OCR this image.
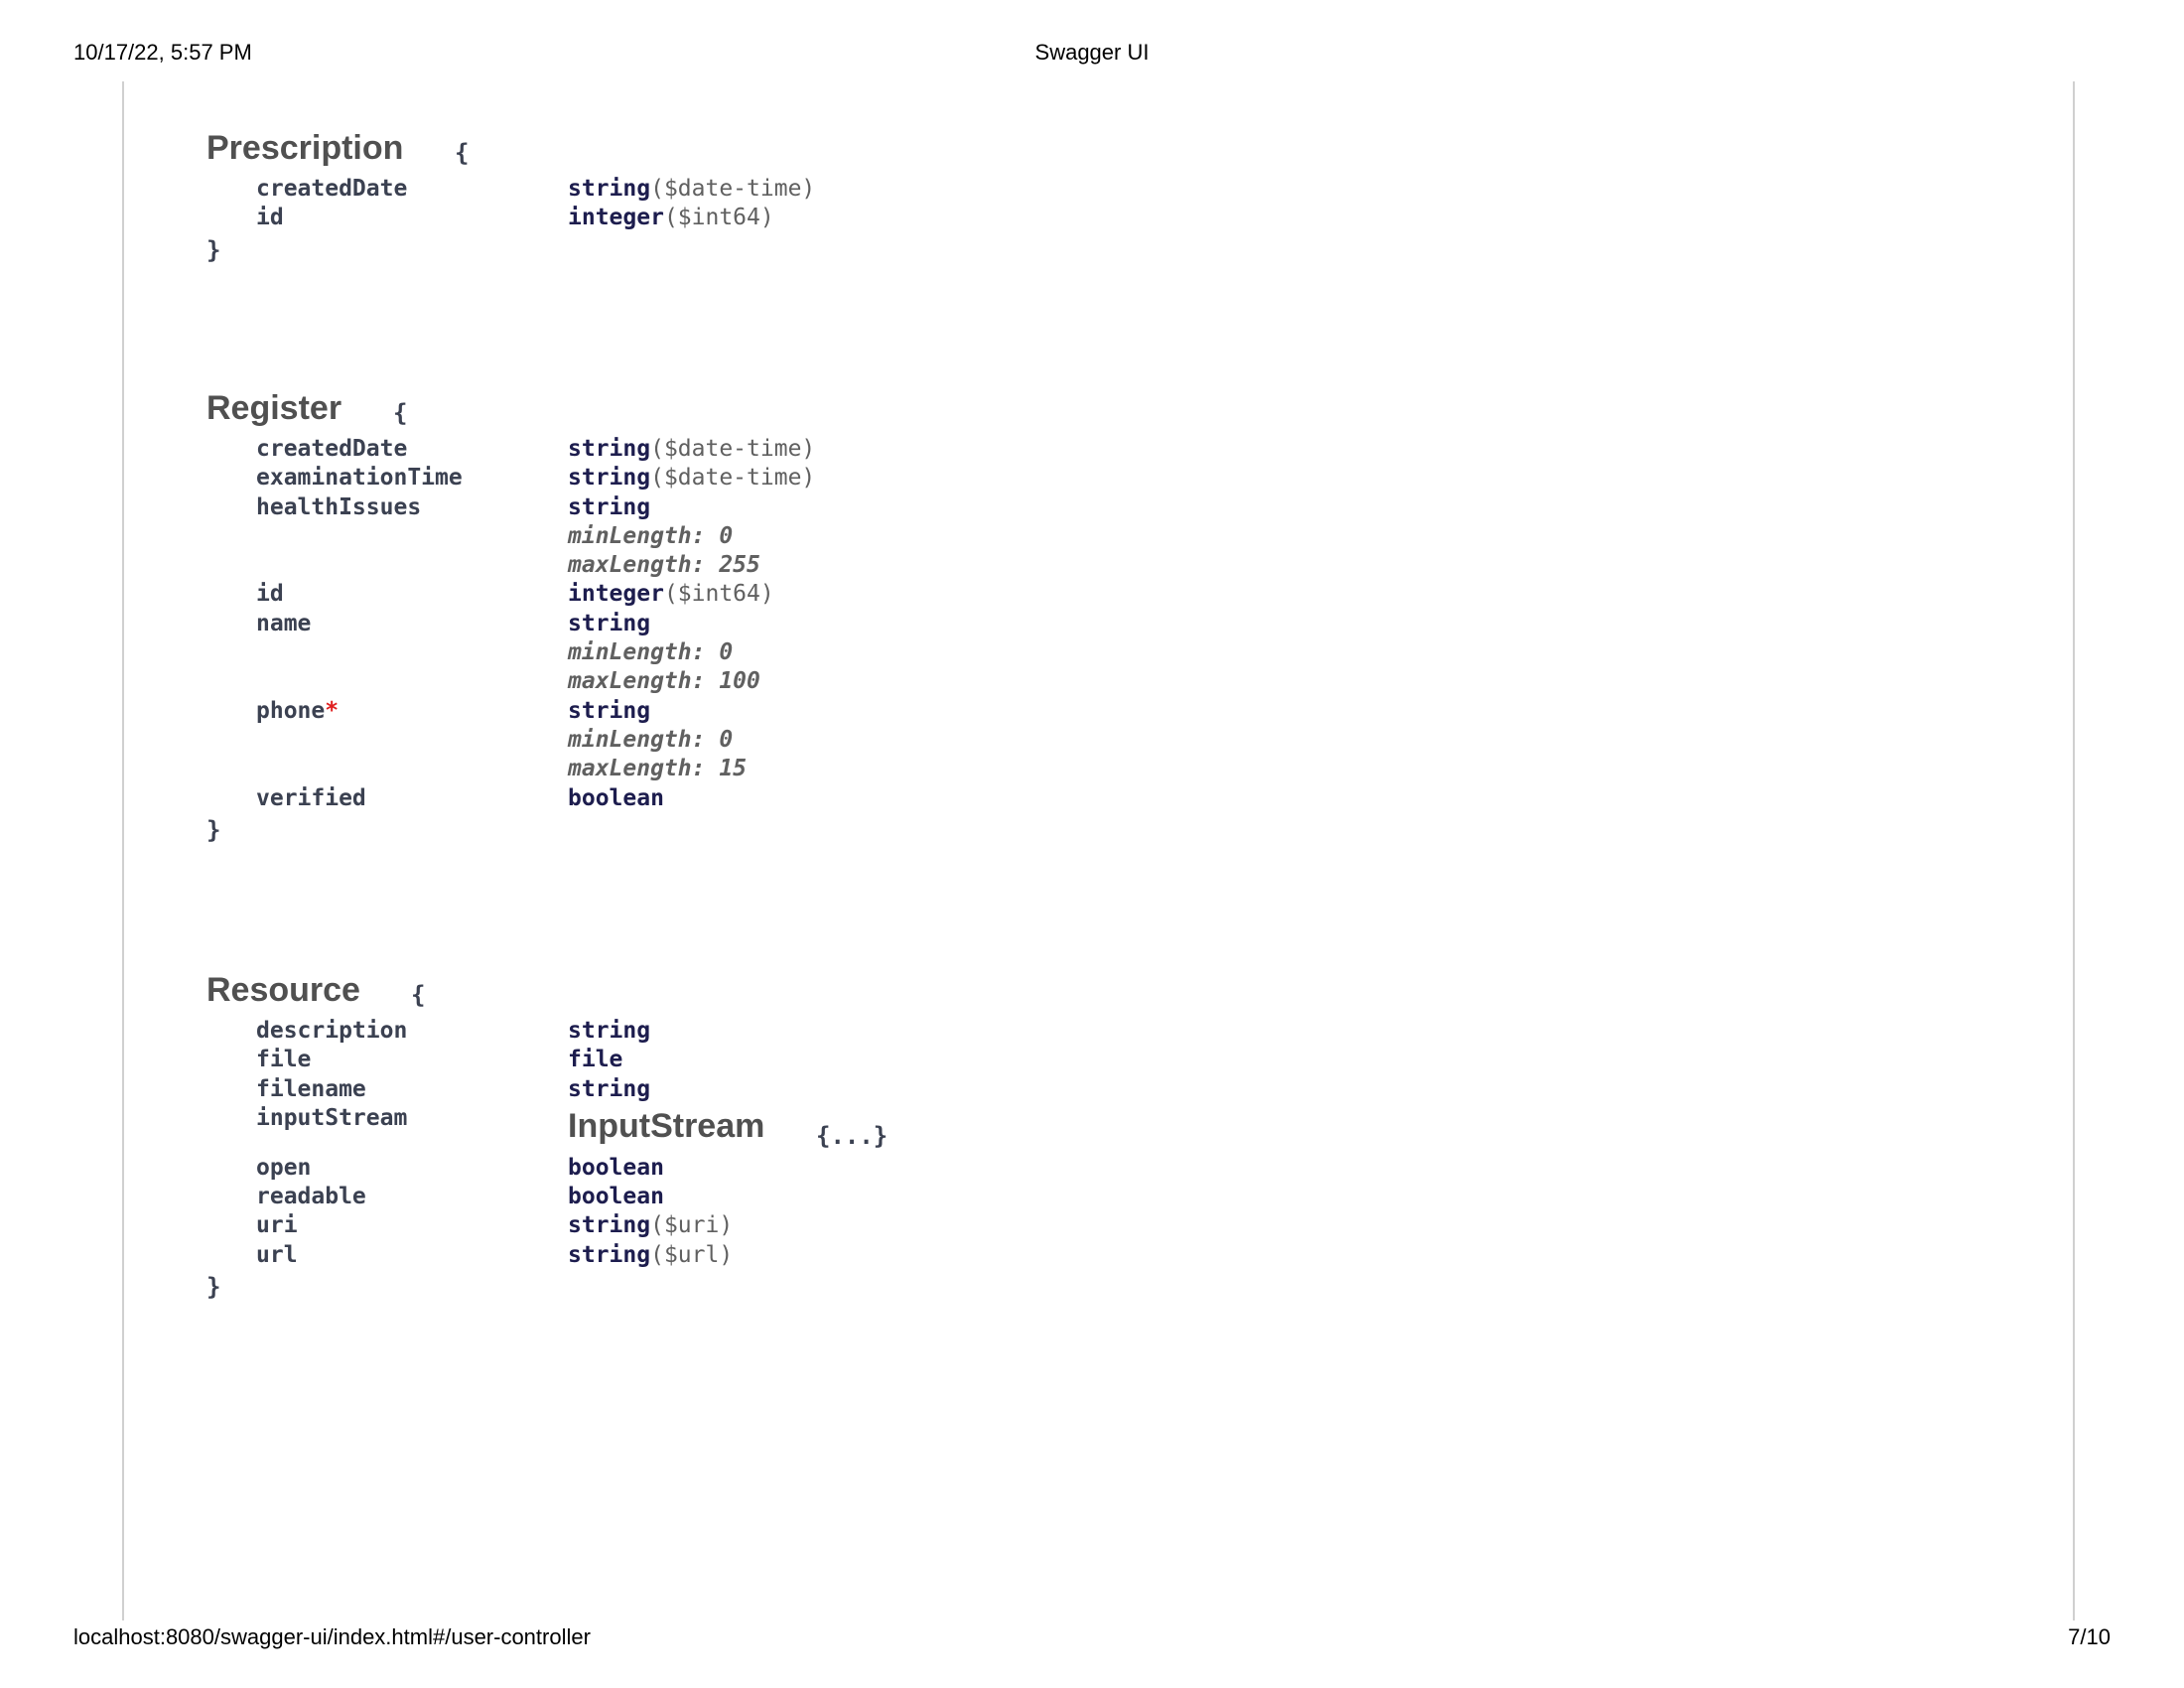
10/17/22, 5:57 PM	Swagger UI
Prescription {
createdDate	string($date-time)
id	integer($int64)
}
Register {
createdDate	string($date-time)
examinationTime	string($date-time)
healthIssues	string
minLength: 0
maxLength: 255
id	integer($int64)
name	string
minLength: 0
maxLength: 100
phone*	string
minLength: 0
maxLength: 15
verified	boolean
}
Resource {
description	string
file	file
filename	string
inputStream	InputStream {...}
open	boolean
readable	boolean
uri	string($uri)
url	string($url)
}
localhost:8080/swagger-ui/index.html#/user-controller	7/10
